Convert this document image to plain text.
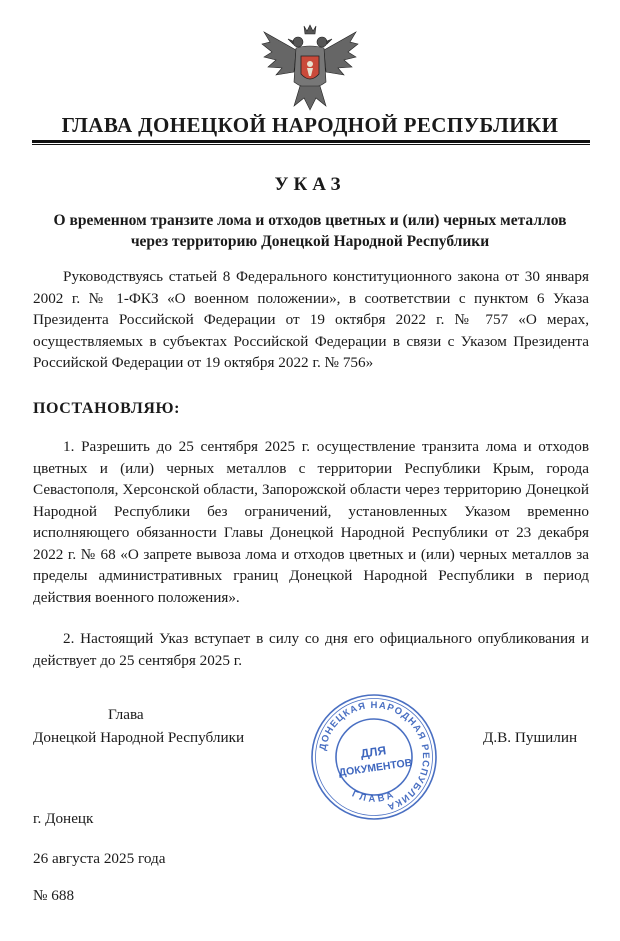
ГЛАВА ДОНЕЦКОЙ НАРОДНОЙ РЕСПУБЛИКИ
УКАЗ
О временном транзите лома и отходов цветных и (или) черных металлов
через территорию Донецкой Народной Республики
Руководствуясь статьей 8 Федерального конституционного закона от 30 января 2002 г. № 1-ФКЗ «О военном положении», в соответствии с пунктом 6 Указа Президента Российской Федерации от 19 октября 2022 г. № 757 «О мерах, осуществляемых в субъектах Российской Федерации в связи с Указом Президента Российской Федерации от 19 октября 2022 г. № 756»
ПОСТАНОВЛЯЮ:
1. Разрешить до 25 сентября 2025 г. осуществление транзита лома и отходов цветных и (или) черных металлов с территории Республики Крым, города Севастополя, Херсонской области, Запорожской области через территорию Донецкой Народной Республики без ограничений, установленных Указом временно исполняющего обязанности Главы Донецкой Народной Республики от 23 декабря 2022 г. № 68 «О запрете вывоза лома и отходов цветных и (или) черных металлов за пределы административных границ Донецкой Народной Республики в период действия военного положения».
2. Настоящий Указ вступает в силу со дня его официального опубликования и действует до 25 сентября 2025 г.
Глава
Донецкой Народной Республики	Д.В. Пушилин
ДОНЕЦКАЯ НАРОДНАЯ РЕСПУБЛИКА
ГЛАВА
ДЛЯ
ДОКУМЕНТОВ
г. Донецк
26 августа 2025 года
№ 688
